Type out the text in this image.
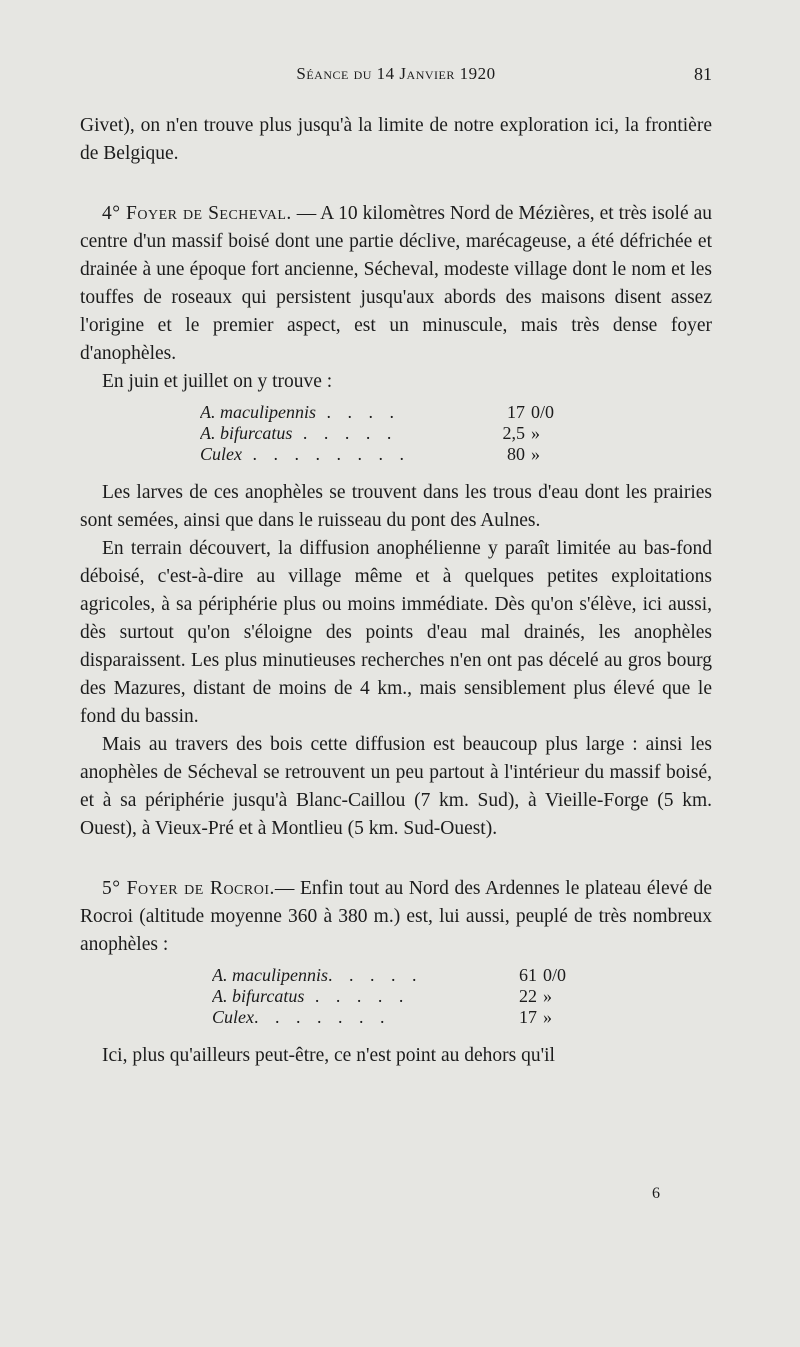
Séance du 14 Janvier 1920	81

Givet), on n'en trouve plus jusqu'à la limite de notre exploration ici, la frontière de Belgique.

4° Foyer de Secheval. — A 10 kilomètres Nord de Mézières, et très isolé au centre d'un massif boisé dont une partie déclive, marécageuse, a été défrichée et drainée à une époque fort ancienne, Sécheval, modeste village dont le nom et les touffes de roseaux qui persistent jusqu'aux abords des maisons disent assez l'origine et le premier aspect, est un minuscule, mais très dense foyer d'anophèles.

En juin et juillet on y trouve :

A. maculipennis . . . .	17	0/0
A. bifurcatus . . . . .	2,5	»
Culex . . . . . . . .	80	»

Les larves de ces anophèles se trouvent dans les trous d'eau dont les prairies sont semées, ainsi que dans le ruisseau du pont des Aulnes.

En terrain découvert, la diffusion anophélienne y paraît limitée au bas-fond déboisé, c'est-à-dire au village même et à quelques petites exploitations agricoles, à sa périphérie plus ou moins immédiate. Dès qu'on s'élève, ici aussi, dès surtout qu'on s'éloigne des points d'eau mal drainés, les anophèles disparaissent. Les plus minutieuses recherches n'en ont pas décelé au gros bourg des Mazures, distant de moins de 4 km., mais sensiblement plus élevé que le fond du bassin.

Mais au travers des bois cette diffusion est beaucoup plus large : ainsi les anophèles de Sécheval se retrouvent un peu partout à l'intérieur du massif boisé, et à sa périphérie jusqu'à Blanc-Caillou (7 km. Sud), à Vieille-Forge (5 km. Ouest), à Vieux-Pré et à Montlieu (5 km. Sud-Ouest).

5° Foyer de Rocroi.— Enfin tout au Nord des Ardennes le plateau élevé de Rocroi (altitude moyenne 360 à 380 m.) est, lui aussi, peuplé de très nombreux anophèles :

A. maculipennis. . . . .	61	0/0
A. bifurcatus . . . . .	22	»
Culex. . . . . . .	17	»

Ici, plus qu'ailleurs peut-être, ce n'est point au dehors qu'il

6
